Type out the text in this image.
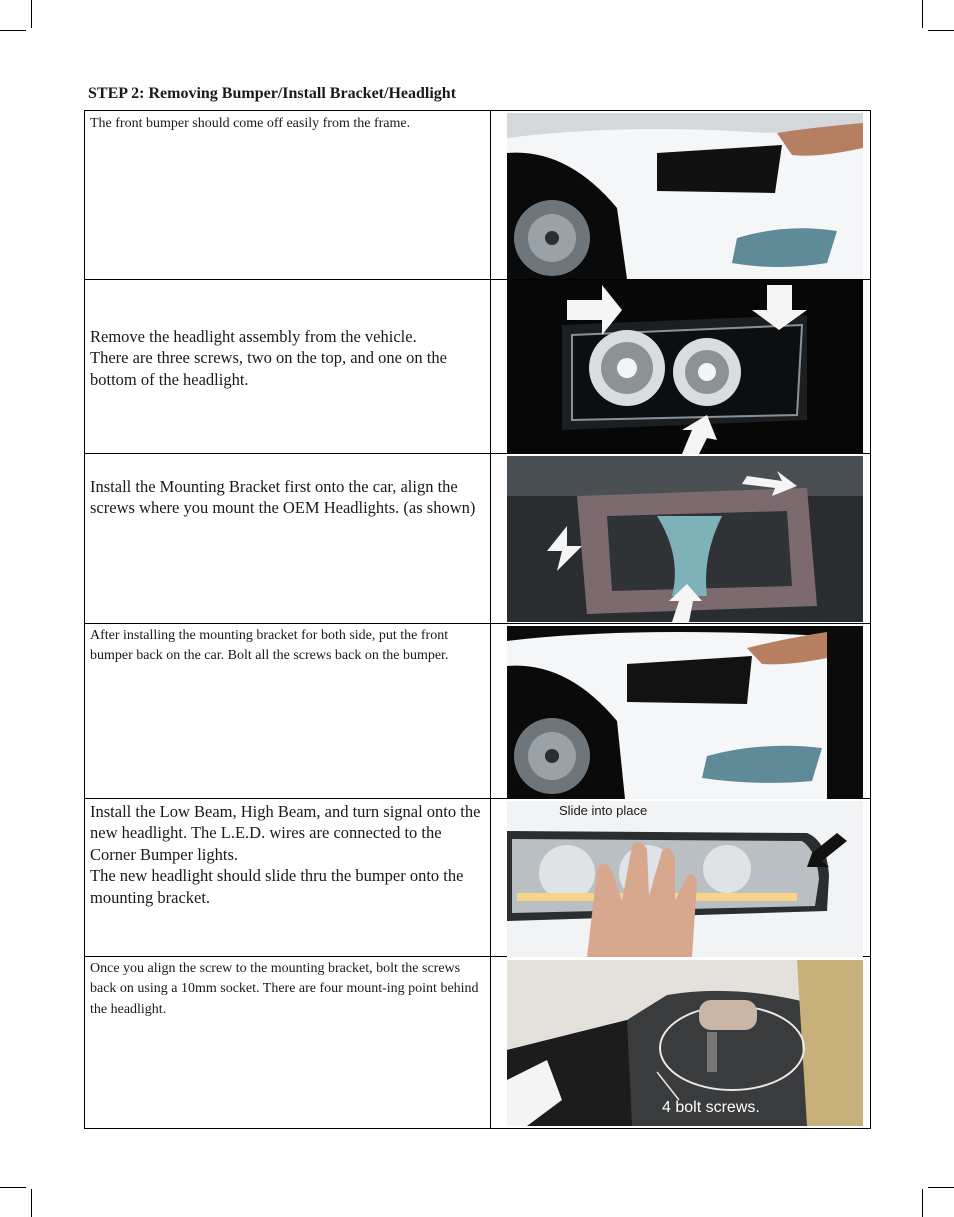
STEP 2: Removing Bumper/Install Bracket/Headlight
The front bumper should come off easily from the frame.
Remove the headlight assembly from the vehicle.
There are three screws, two on the top, and one on the bottom of the headlight.
Install the Mounting Bracket first onto the car, align the screws where you mount the OEM Headlights. (as shown)
After installing the mounting bracket for both side, put the front bumper back on the car. Bolt all the screws back on the bumper.
Install the Low Beam, High Beam, and turn signal onto the new headlight. The L.E.D. wires are connected to the Corner Bumper lights.
The new headlight should slide thru the bumper onto the mounting bracket.
Slide into place
Once you align the screw to the mounting bracket, bolt the screws back on using a 10mm socket. There are four mount-ing point behind the headlight.
4 bolt screws.
